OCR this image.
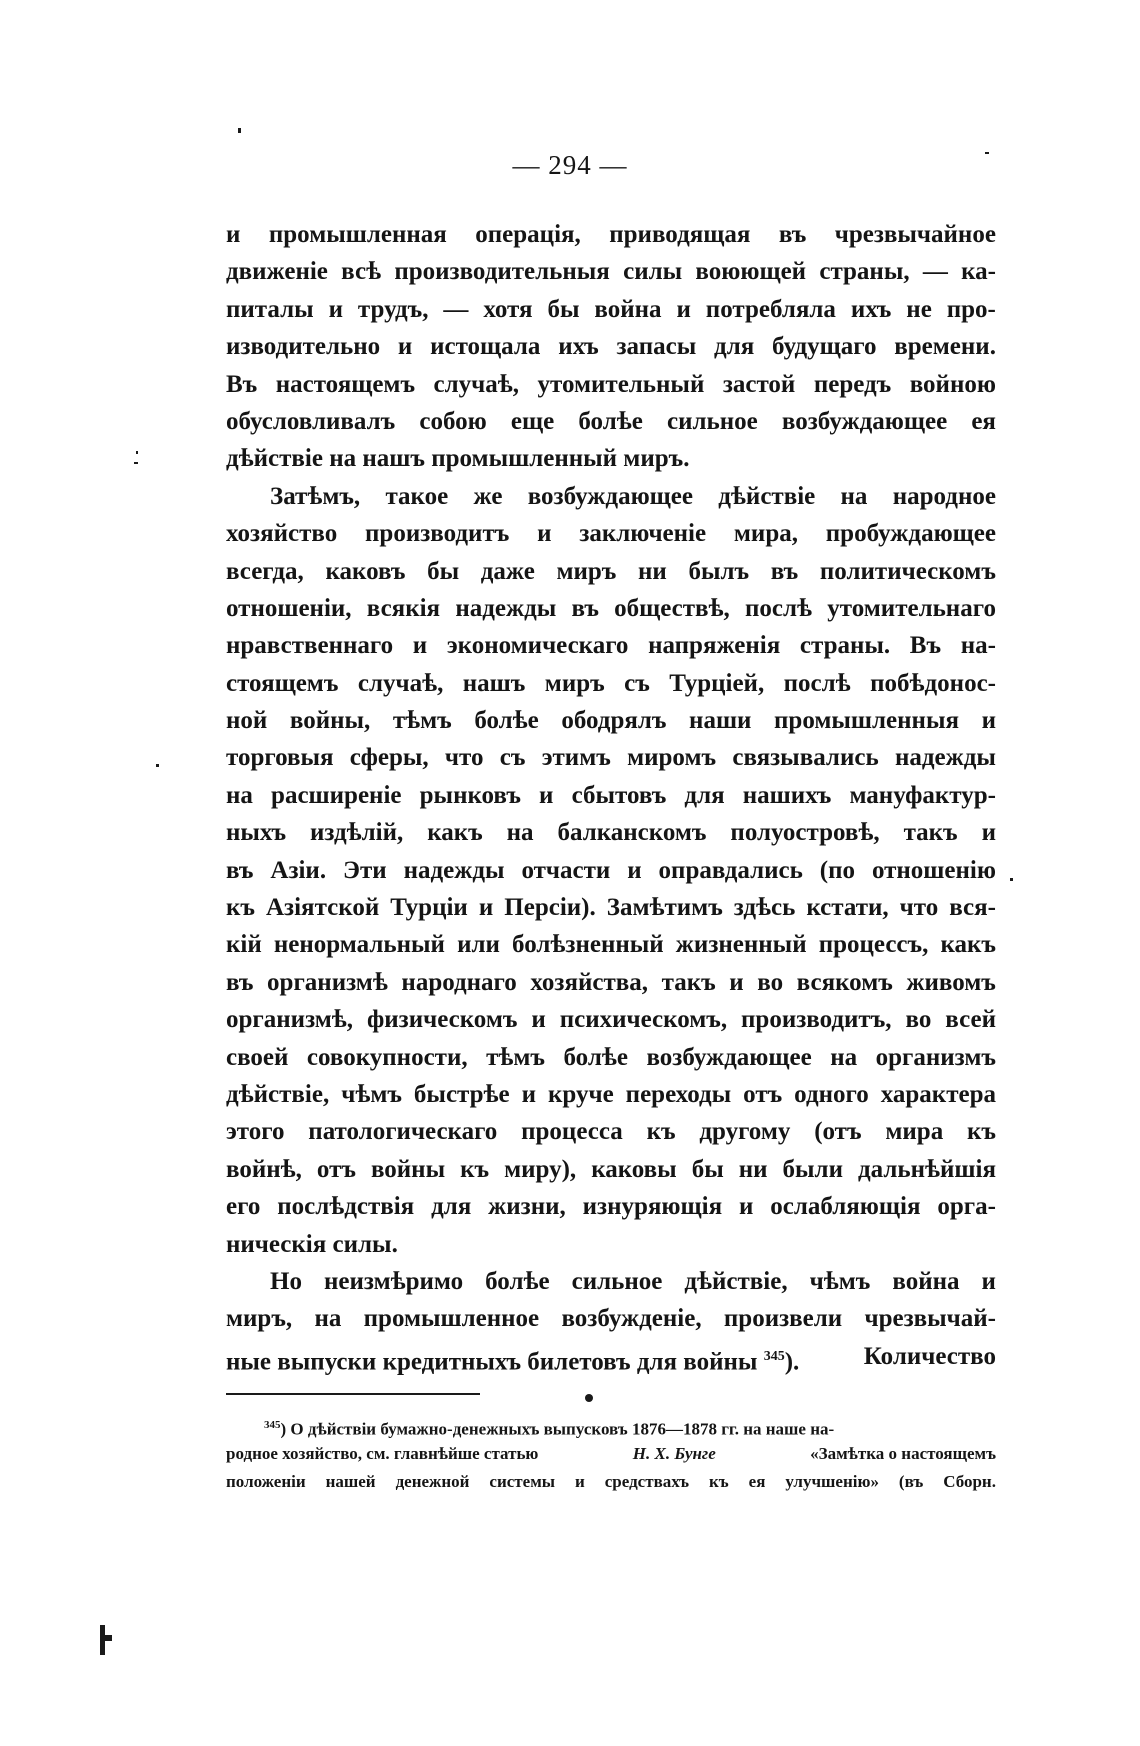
— 294 —
и промышленная операція, приводящая въ чрезвычайное
движеніе всѣ производительныя силы воюющей страны, — ка-
питалы и трудъ, — хотя бы война и потребляла ихъ не про-
изводительно и истощала ихъ запасы для будущаго времени.
Въ настоящемъ случаѣ, утомительный застой передъ войною
обусловливалъ собою еще болѣе сильное возбуждающее ея
дѣйствіе на нашъ промышленный миръ.
Затѣмъ, такое же возбуждающее дѣйствіе на народное
хозяйство производитъ и заключеніе мира, пробуждающее
всегда, каковъ бы даже миръ ни былъ въ политическомъ
отношеніи, всякія надежды въ обществѣ, послѣ утомительнаго
нравственнаго и экономическаго напряженія страны. Въ на-
стоящемъ случаѣ, нашъ миръ съ Турціей, послѣ побѣдонос-
ной войны, тѣмъ болѣе ободрялъ наши промышленныя и
торговыя сферы, что съ этимъ миромъ связывались надежды
на расширеніе рынковъ и сбытовъ для нашихъ мануфактур-
ныхъ издѣлій, какъ на балканскомъ полуостровѣ, такъ и
въ Азіи. Эти надежды отчасти и оправдались (по отношенію
къ Азіятской Турціи и Персіи). Замѣтимъ здѣсь кстати, что вся-
кій ненормальный или болѣзненный жизненный процессъ, какъ
въ организмѣ народнаго хозяйства, такъ и во всякомъ живомъ
организмѣ, физическомъ и психическомъ, производитъ, во всей
своей совокупности, тѣмъ болѣе возбуждающее на организмъ
дѣйствіе, чѣмъ быстрѣе и круче переходы отъ одного характера
этого патологическаго процесса къ другому (отъ мира къ
войнѣ, отъ войны къ миру), каковы бы ни были дальнѣйшія
его послѣдствія для жизни, изнуряющія и ослабляющія орга-
ническія силы.
Но неизмѣримо болѣе сильное дѣйствіе, чѣмъ война и
миръ, на промышленное возбужденіе, произвели чрезвычай-
ные выпуски кредитныхъ билетовъ для войны $^{345}$).	Количество
$^{345}$) О дѣйствіи бумажно-денежныхъ выпусковъ 1876—1878 гг. на наше на-
родное хозяйство, см. главнѣйше статью	Н. Х. Бунге	«Замѣтка о настоящемъ
положеніи нашей денежной системы и средствахъ къ ея улучшенію» (въ Сборн.
